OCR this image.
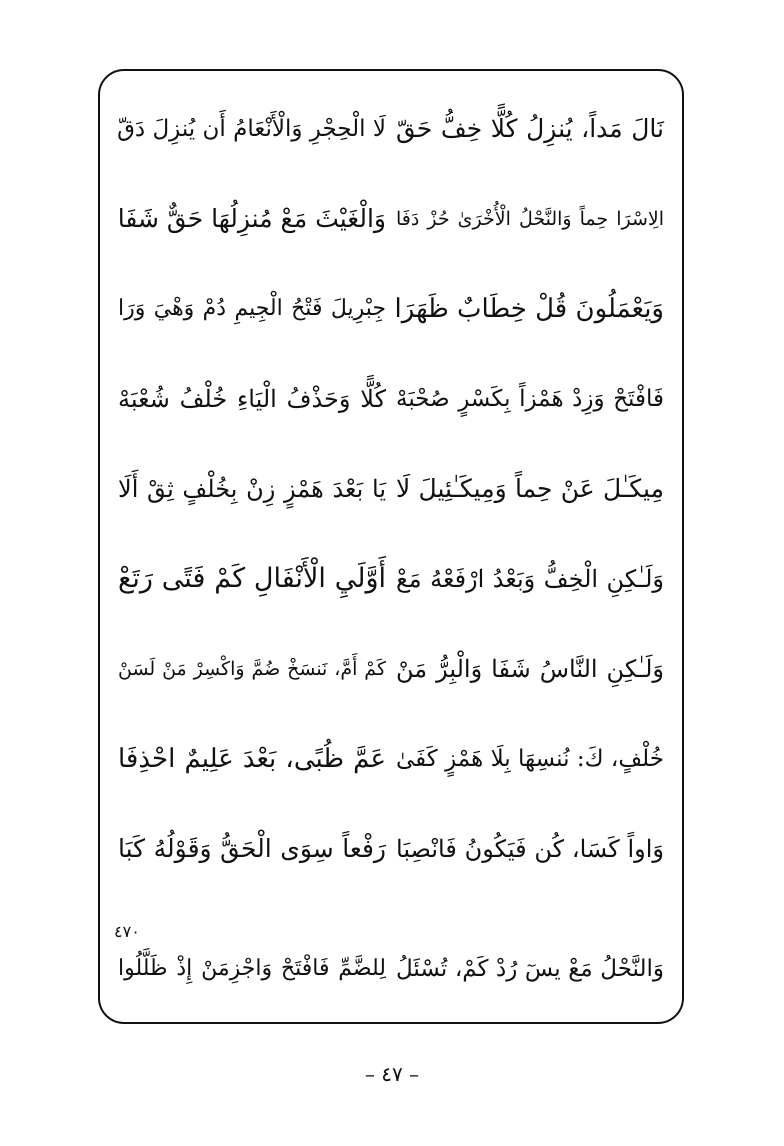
نَالَ مَداً، يُنزِلُ كُلًّا خِفُّ حَقّ
لَا الْحِجْرِ وَالْأَنْعَامُ أَن يُنزِلَ دَقّ
الِاسْرَا حِماً وَالنَّحْلُ الْأُخْرَىٰ حُزْ دَفَا
وَالْغَيْثَ مَعْ مُنزِلُهَا حَقٌّ شَفَا
وَيَعْمَلُونَ قُلْ خِطَابٌ ظَهَرَا
جِبْرِيلَ فَتْحُ الْجِيمِ دُمْ وَهْيَ وَرَا
فَافْتَحْ وَزِدْ هَمْزاً بِكَسْرٍ صُحْبَهْ
كُلًّا وَحَذْفُ الْيَاءِ خُلْفُ شُعْبَهْ
مِيكَـٰلَ عَنْ حِماً وَمِيكَـٰئِيلَ لَا
يَا بَعْدَ هَمْزٍ زِنْ بِخُلْفٍ ثِقْ أَلَا
وَلَـٰكِنِ الْخِفُّ وَبَعْدُ ارْفَعْهُ مَعْ
أَوَّلَيِ الْأَنْفَالِ كَمْ فَتًى رَتَعْ
وَلَـٰكِنِ النَّاسُ شَفَا وَالْبِرُّ مَنْ
كَمْ أَمَّ، نَنسَخْ ضُمَّ وَاكْسِرْ مَنْ لَسَنْ
خُلْفٍ، كَ: نُنسِهَا بِلَا هَمْزٍ كَفَىٰ
عَمَّ ظُبًى، بَعْدَ عَلِيمٌ احْذِفَا
وَاواً كَسَا، كُن فَيَكُونُ فَانْصِبَا
رَفْعاً سِوَى الْحَقُّ وَقَوْلُهُ كَبَا
٤٧٠
وَالنَّحْلُ مَعْ يسٓ رُدْ كَمْ، تُسْئَلُ
لِلضَّمِّ فَافْتَحْ وَاجْزِمَنْ إِذْ ظَلَّلُوا
– ٤٧ –
